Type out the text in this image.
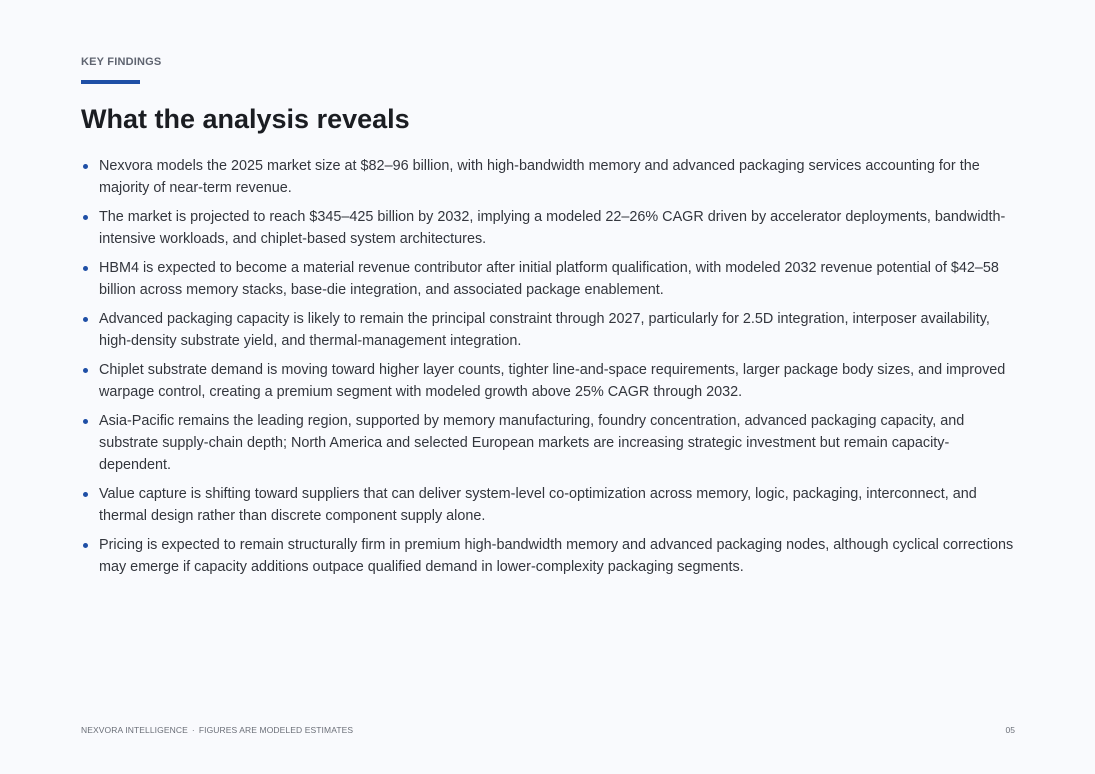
KEY FINDINGS
What the analysis reveals
Nexvora models the 2025 market size at $82–96 billion, with high-bandwidth memory and advanced packaging services accounting for the majority of near-term revenue.
The market is projected to reach $345–425 billion by 2032, implying a modeled 22–26% CAGR driven by accelerator deployments, bandwidth-intensive workloads, and chiplet-based system architectures.
HBM4 is expected to become a material revenue contributor after initial platform qualification, with modeled 2032 revenue potential of $42–58 billion across memory stacks, base-die integration, and associated package enablement.
Advanced packaging capacity is likely to remain the principal constraint through 2027, particularly for 2.5D integration, interposer availability, high-density substrate yield, and thermal-management integration.
Chiplet substrate demand is moving toward higher layer counts, tighter line-and-space requirements, larger package body sizes, and improved warpage control, creating a premium segment with modeled growth above 25% CAGR through 2032.
Asia-Pacific remains the leading region, supported by memory manufacturing, foundry concentration, advanced packaging capacity, and substrate supply-chain depth; North America and selected European markets are increasing strategic investment but remain capacity-dependent.
Value capture is shifting toward suppliers that can deliver system-level co-optimization across memory, logic, packaging, interconnect, and thermal design rather than discrete component supply alone.
Pricing is expected to remain structurally firm in premium high-bandwidth memory and advanced packaging nodes, although cyclical corrections may emerge if capacity additions outpace qualified demand in lower-complexity packaging segments.
NEXVORA INTELLIGENCE · FIGURES ARE MODELED ESTIMATES	05
